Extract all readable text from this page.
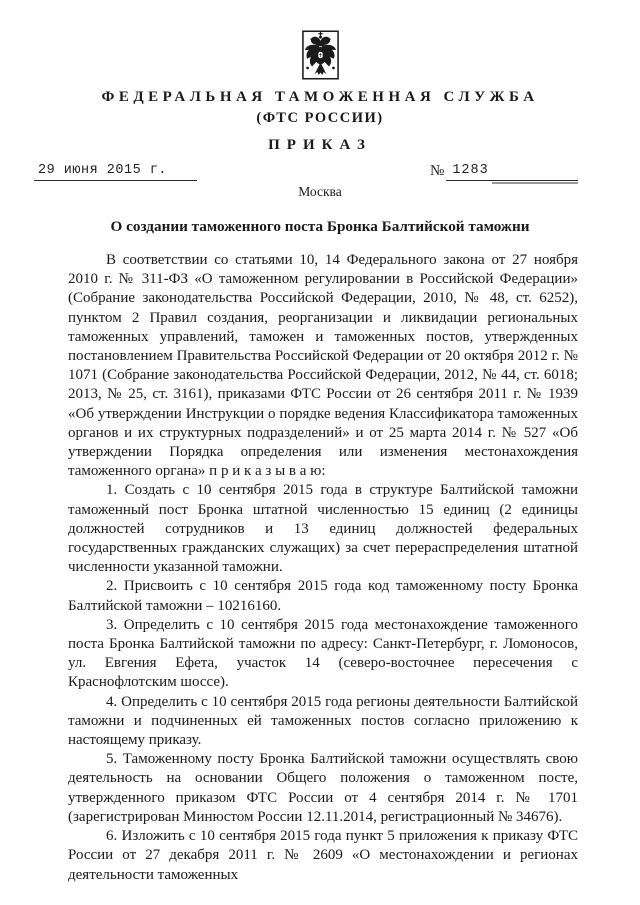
ФЕДЕРАЛЬНАЯ ТАМОЖЕННАЯ СЛУЖБА
(ФТС РОССИИ)
ПРИКАЗ
29 июня 2015 г.	№ 1283
Москва
О создании таможенного поста Бронка Балтийской таможни

В соответствии со статьями 10, 14 Федерального закона от 27 ноября 2010 г. № 311-ФЗ «О таможенном регулировании в Российской Федерации» (Собрание законодательства Российской Федерации, 2010, № 48, ст. 6252), пунктом 2 Правил создания, реорганизации и ликвидации региональных таможенных управлений, таможен и таможенных постов, утвержденных постановлением Правительства Российской Федерации от 20 октября 2012 г. № 1071 (Собрание законодательства Российской Федерации, 2012, № 44, ст. 6018; 2013, № 25, ст. 3161), приказами ФТС России от 26 сентября 2011 г. № 1939 «Об утверждении Инструкции о порядке ведения Классификатора таможенных органов и их структурных подразделений» и от 25 марта 2014 г. № 527 «Об утверждении Порядка определения или изменения местонахождения таможенного органа» п р и к а з ы в а ю:

1. Создать с 10 сентября 2015 года в структуре Балтийской таможни таможенный пост Бронка штатной численностью 15 единиц (2 единицы должностей сотрудников и 13 единиц должностей федеральных государственных гражданских служащих) за счет перераспределения штатной численности указанной таможни.

2. Присвоить с 10 сентября 2015 года код таможенному посту Бронка Балтийской таможни – 10216160.

3. Определить с 10 сентября 2015 года местонахождение таможенного поста Бронка Балтийской таможни по адресу: Санкт-Петербург, г. Ломоносов, ул. Евгения Ефета, участок 14 (северо-восточнее пересечения с Краснофлотским шоссе).

4. Определить с 10 сентября 2015 года регионы деятельности Балтийской таможни и подчиненных ей таможенных постов согласно приложению к настоящему приказу.

5. Таможенному посту Бронка Балтийской таможни осуществлять свою деятельность на основании Общего положения о таможенном посте, утвержденного приказом ФТС России от 4 сентября 2014 г. № 1701 (зарегистрирован Минюстом России 12.11.2014, регистрационный № 34676).

6. Изложить с 10 сентября 2015 года пункт 5 приложения к приказу ФТС России от 27 декабря 2011 г. № 2609 «О местонахождении и регионах деятельности таможенных
